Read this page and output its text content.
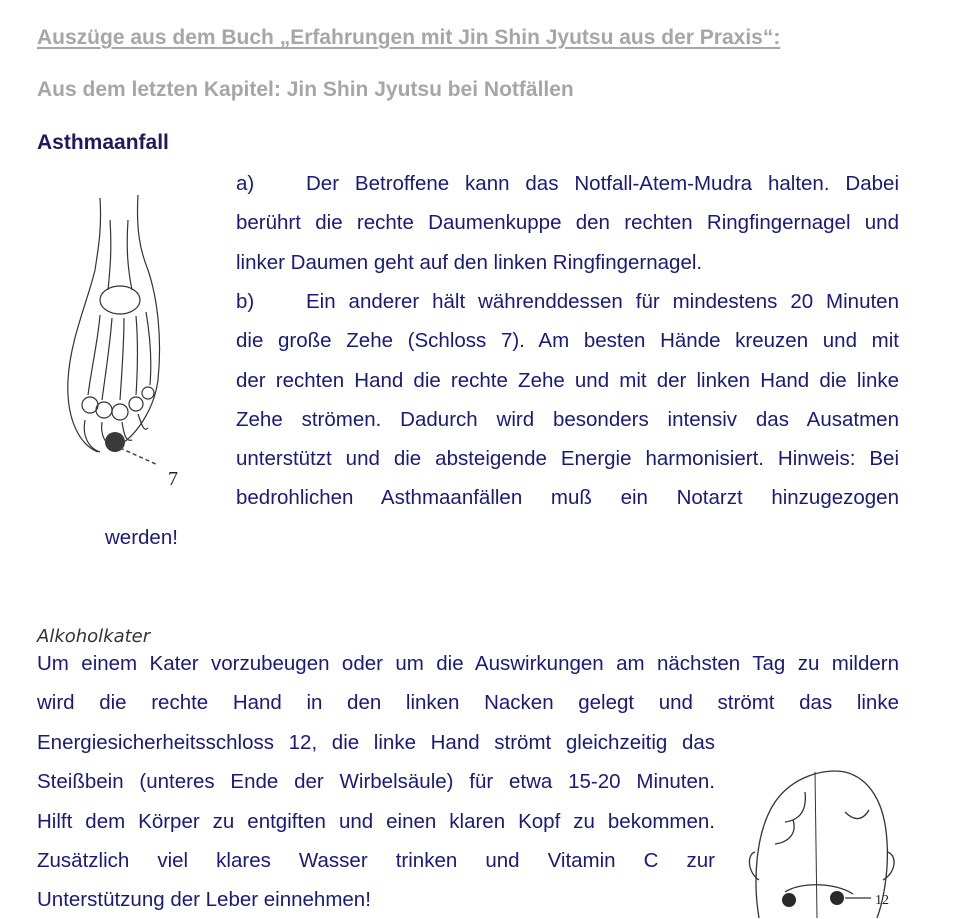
Auszüge aus dem Buch „Erfahrungen mit Jin Shin Jyutsu aus der Praxis“:
Aus dem letzten Kapitel: Jin Shin Jyutsu bei Notfällen
Asthmaanfall
7
a)	Der Betroffene kann das Notfall-Atem-Mudra halten. Dabei
berührt die rechte Daumenkuppe den rechten Ringfingernagel und
linker Daumen geht auf den linken Ringfingernagel.
b)	Ein anderer hält währenddessen für mindestens 20 Minuten
die große Zehe (Schloss 7). Am besten Hände kreuzen und mit
der rechten Hand die rechte Zehe und mit der linken Hand die linke
Zehe strömen. Dadurch wird besonders intensiv das Ausatmen
unterstützt und die absteigende Energie harmonisiert. Hinweis: Bei
bedrohlichen Asthmaanfällen muß ein Notarzt hinzugezogen
werden!
Alkoholkater
Um einem Kater vorzubeugen oder um die Auswirkungen am nächsten Tag zu mildern
wird die rechte Hand in den linken Nacken gelegt und strömt das linke
Energiesicherheitsschloss 12, die linke Hand strömt gleichzeitig das
Steißbein (unteres Ende der Wirbelsäule) für etwa 15-20 Minuten.
Hilft dem Körper zu entgiften und einen klaren Kopf zu bekommen.
Zusätzlich viel klares Wasser trinken und Vitamin C zur
Unterstützung der Leber einnehmen!	12
